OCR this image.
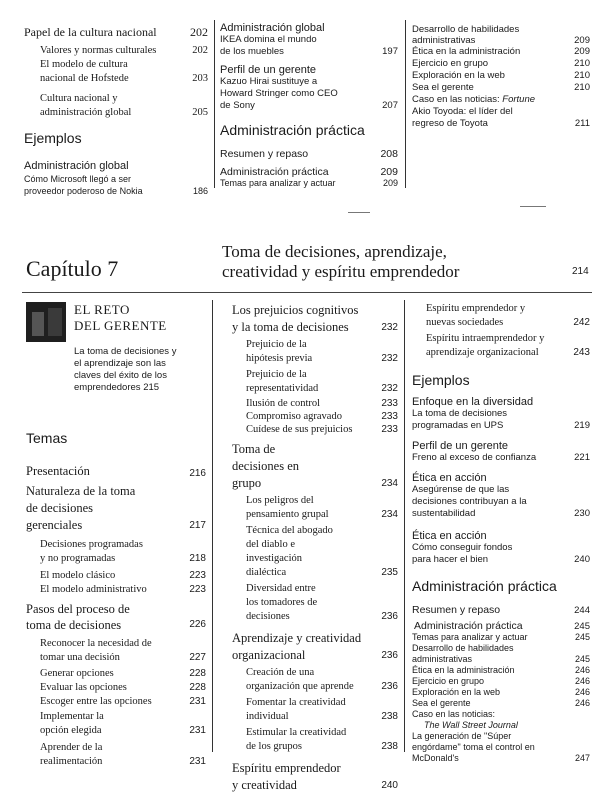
Papel de la cultura nacional	202
Valores y normas culturales	202
El modelo de cultura nacional de Hofstede	203
Cultura nacional y administración global	205
Ejemplos
Administración global
Cómo Microsoft llegó a ser proveedor poderoso de Nokia	186
Administración global
IKEA domina el mundo de los muebles	197
Perfil de un gerente
Kazuo Hirai sustituye a Howard Stringer como CEO de Sony	207
Administración práctica
Resumen y repaso	208
Administración práctica	209
Temas para analizar y actuar	209
Desarrollo de habilidades administrativas	209
Ética en la administración	209
Ejercicio en grupo	210
Exploración en la web	210
Sea el gerente	210
Caso en las noticias: Fortune
Akio Toyoda: el líder del regreso de Toyota	211
Capítulo 7
Toma de decisiones, aprendizaje,
creatividad y espíritu emprendedor	214
EL RETO
DEL GERENTE
La toma de decisiones y el aprendizaje son las claves del éxito de los emprendedores 215
Temas
Presentación	216
Naturaleza de la toma de decisiones gerenciales	217
Decisiones programadas y no programadas	218
El modelo clásico	223
El modelo administrativo	223
Pasos del proceso de toma de decisiones	226
Reconocer la necesidad de tomar una decisión	227
Generar opciones	228
Evaluar las opciones	228
Escoger entre las opciones	231
Implementar la opción elegida	231
Aprender de la realimentación	231
Los prejuicios cognitivos y la toma de decisiones	232
Prejuicio de la hipótesis previa	232
Prejuicio de la representatividad	232
Ilusión de control	233
Compromiso agravado	233
Cuídese de sus prejuicios	233
Toma de decisiones en grupo	234
Los peligros del pensamiento grupal	234
Técnica del abogado del diablo e investigación dialéctica	235
Diversidad entre los tomadores de decisiones	236
Aprendizaje y creatividad organizacional	236
Creación de una organización que aprende	236
Fomentar la creatividad individual	238
Estimular la creatividad de los grupos	238
Espíritu emprendedor y creatividad	240
Espíritu emprendedor y nuevas sociedades	242
Espíritu intraemprendedor y aprendizaje organizacional	243
Ejemplos
Enfoque en la diversidad
La toma de decisiones programadas en UPS	219
Perfil de un gerente
Freno al exceso de confianza	221
Ética en acción
Asegúrense de que las decisiones contribuyan a la sustentabilidad	230
Ética en acción
Cómo conseguir fondos para hacer el bien	240
Administración práctica
Resumen y repaso	244
Administración práctica	245
Temas para analizar y actuar	245
Desarrollo de habilidades administrativas	245
Ética en la administración	246
Ejercicio en grupo	246
Exploración en la web	246
Sea el gerente	246
Caso en las noticias:
The Wall Street Journal
La generación de "Súper engórdame" toma el control en McDonald's	247
